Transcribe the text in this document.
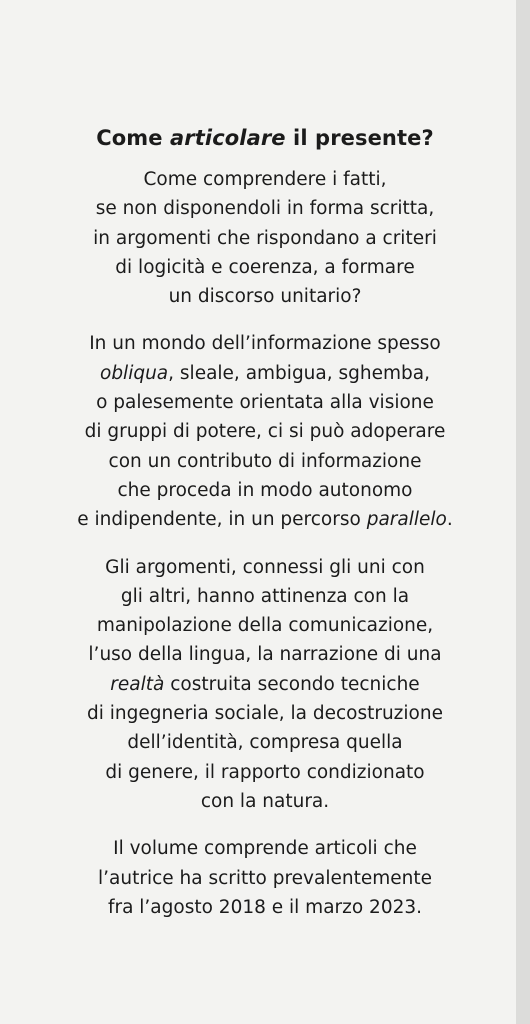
Come articolare il presente?

Come comprendere i fatti,
se non disponendoli in forma scritta,
in argomenti che rispondano a criteri
di logicità e coerenza, a formare
un discorso unitario?

In un mondo dell’informazione spesso
obliqua, sleale, ambigua, sghemba,
o palesemente orientata alla visione
di gruppi di potere, ci si può adoperare
con un contributo di informazione
che proceda in modo autonomo
e indipendente, in un percorso parallelo.

Gli argomenti, connessi gli uni con
gli altri, hanno attinenza con la
manipolazione della comunicazione,
l’uso della lingua, la narrazione di una
realtà costruita secondo tecniche
di ingegneria sociale, la decostruzione
dell’identità, compresa quella
di genere, il rapporto condizionato
con la natura.

Il volume comprende articoli che
l’autrice ha scritto prevalentemente
fra l’agosto 2018 e il marzo 2023.
